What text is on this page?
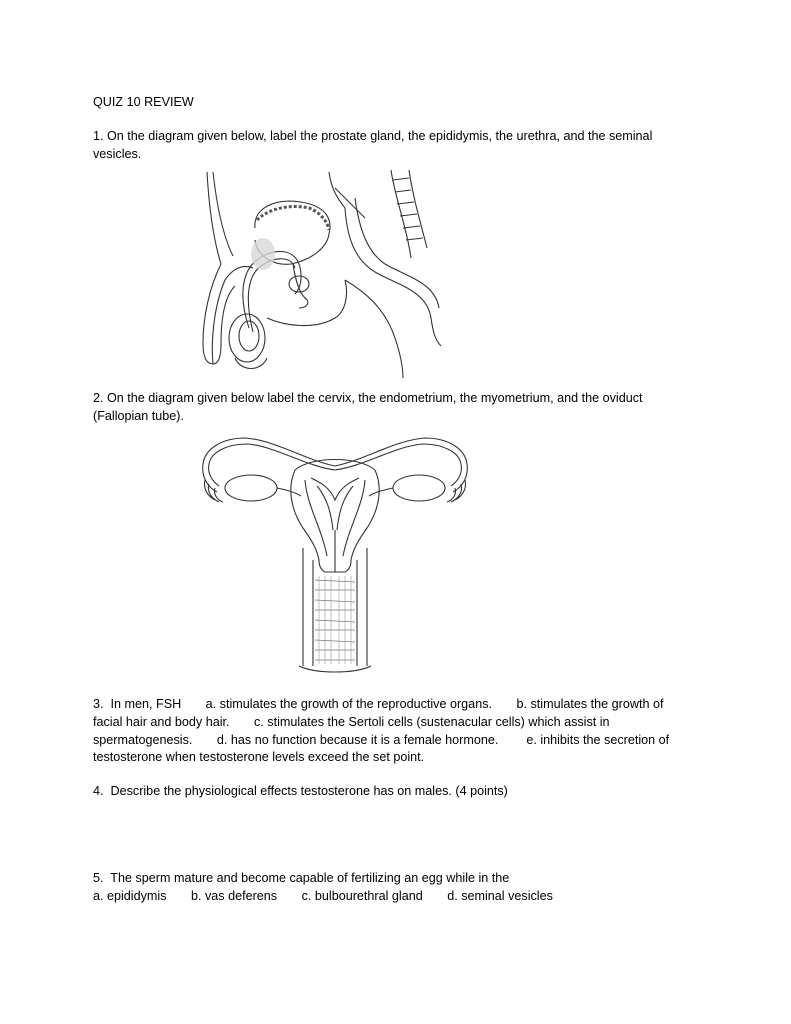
QUIZ 10 REVIEW
1. On the diagram given below, label the prostate gland, the epididymis, the urethra, and the seminal
vesicles.
2. On the diagram given below label the cervix, the endometrium, the myometrium, and the oviduct
(Fallopian tube).
3.  In men, FSH       a. stimulates the growth of the reproductive organs.       b. stimulates the growth of
facial hair and body hair.       c. stimulates the Sertoli cells (sustenacular cells) which assist in
spermatogenesis.       d. has no function because it is a female hormone.        e. inhibits the secretion of
testosterone when testosterone levels exceed the set point.
4.  Describe the physiological effects testosterone has on males. (4 points)
5.  The sperm mature and become capable of fertilizing an egg while in the
a. epididymis       b. vas deferens       c. bulbourethral gland       d. seminal vesicles
